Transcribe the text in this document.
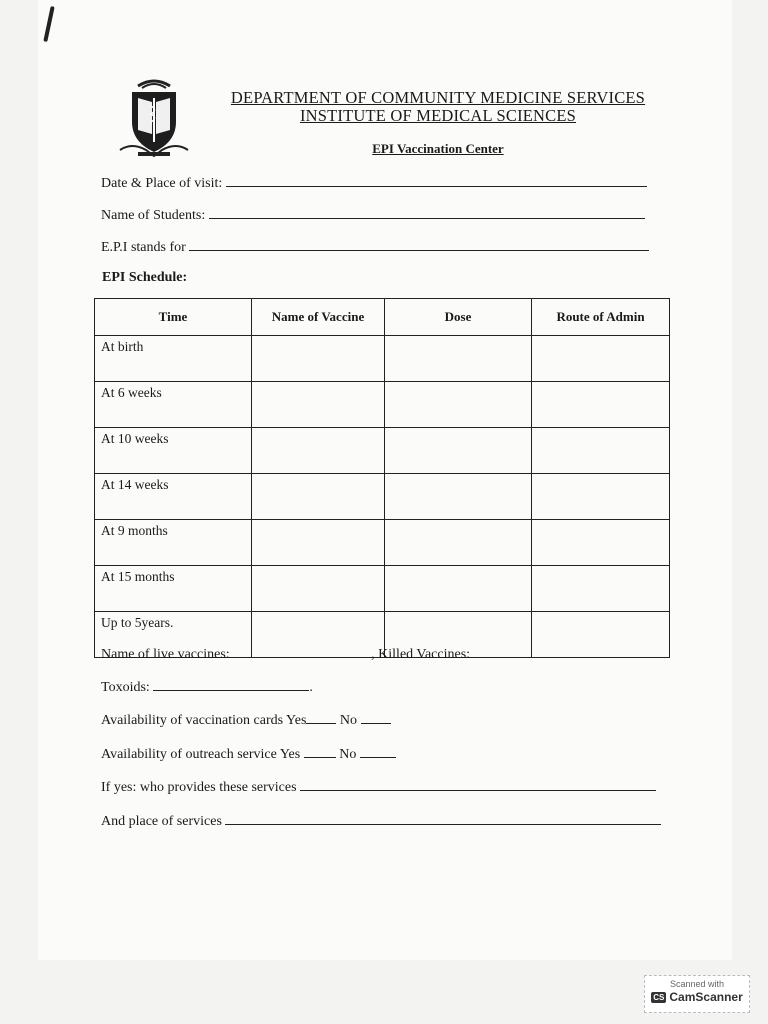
DEPARTMENT OF COMMUNITY MEDICINE SERVICES
INSTITUTE OF MEDICAL SCIENCES
EPI Vaccination Center
Date & Place of visit:
Name of Students:
E.P.I stands for
EPI Schedule:
Time	Name of Vaccine	Dose	Route of Admin
At birth			
At 6 weeks			
At 10 weeks			
At 14 weeks			
At 9 months			
At 15 months			
Up to 5years.			
Name of live vaccines:	, Killed Vaccines:
Toxoids:	.
Availability of vaccination cards Yes No
Availability of outreach service Yes	No
If yes: who provides these services
And place of services
Scanned with
CS CamScanner
